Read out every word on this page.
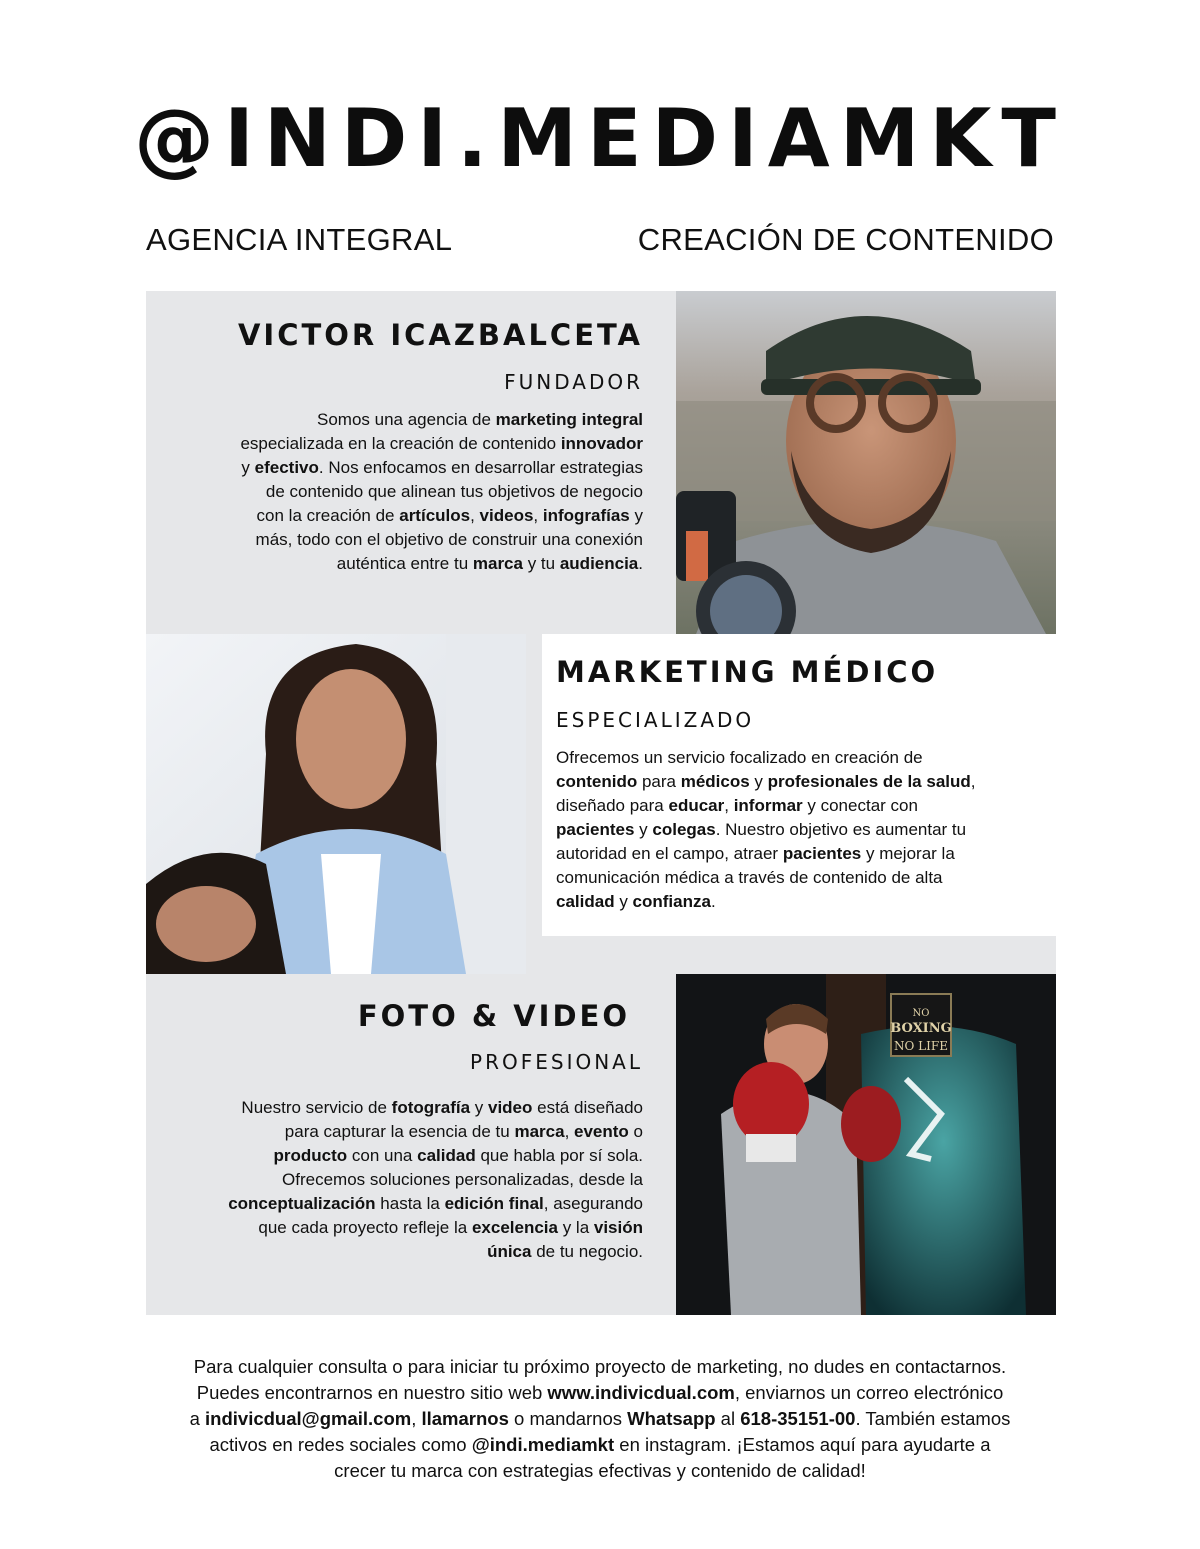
@INDI.MEDIAMKT
AGENCIA INTEGRAL	CREACIÓN DE CONTENIDO
VICTOR ICAZBALCETA
FUNDADOR
Somos una agencia de marketing integral
especializada en la creación de contenido innovador
y efectivo. Nos enfocamos en desarrollar estrategias
de contenido que alinean tus objetivos de negocio
con la creación de artículos, videos, infografías y
más, todo con el objetivo de construir una conexión
auténtica entre tu marca y tu audiencia.
MARKETING MÉDICO
ESPECIALIZADO
Ofrecemos un servicio focalizado en creación de
contenido para médicos y profesionales de la salud,
diseñado para educar, informar y conectar con
pacientes y colegas. Nuestro objetivo es aumentar tu
autoridad en el campo, atraer pacientes y mejorar la
comunicación médica a través de contenido de alta
calidad y confianza.
NO
BOXING
NO LIFE
FOTO & VIDEO
PROFESIONAL
Nuestro servicio de fotografía y video está diseñado
para capturar la esencia de tu marca, evento o
producto con una calidad que habla por sí sola.
Ofrecemos soluciones personalizadas, desde la
conceptualización hasta la edición final, asegurando
que cada proyecto refleje la excelencia y la visión
única de tu negocio.
Para cualquier consulta o para iniciar tu próximo proyecto de marketing, no dudes en contactarnos.
Puedes encontrarnos en nuestro sitio web www.indivicdual.com, enviarnos un correo electrónico
a indivicdual@gmail.com, llamarnos o mandarnos Whatsapp al 618-35151-00. También estamos
activos en redes sociales como @indi.mediamkt en instagram. ¡Estamos aquí para ayudarte a
crecer tu marca con estrategias efectivas y contenido de calidad!
